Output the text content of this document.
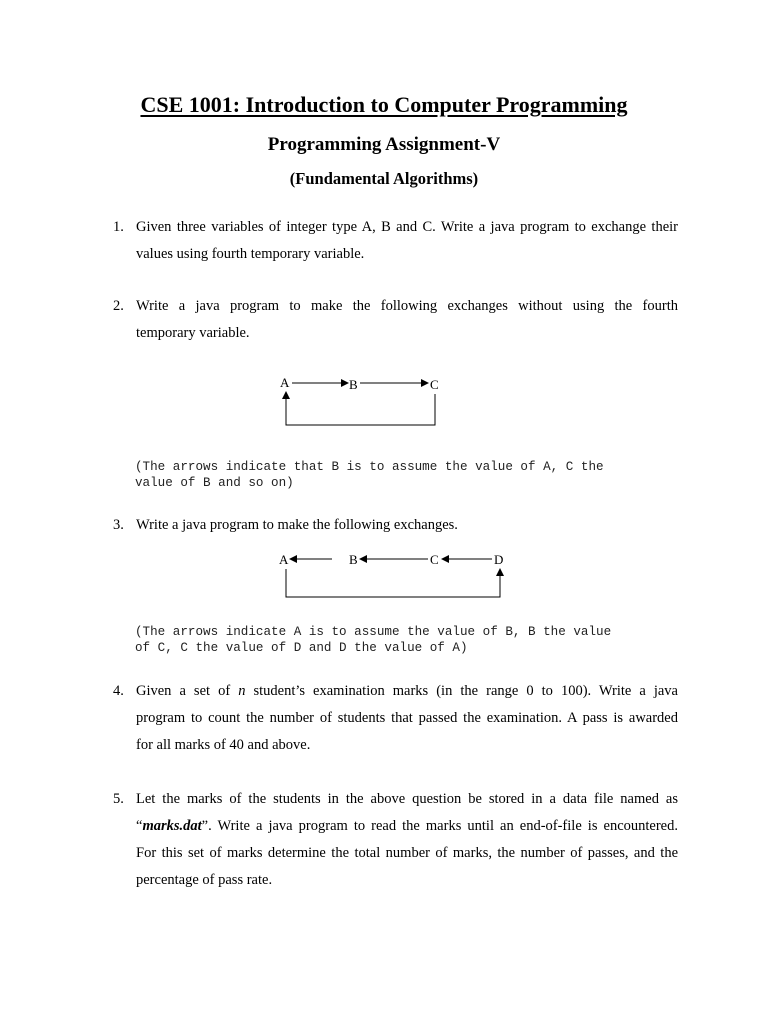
CSE 1001: Introduction to Computer Programming
Programming Assignment-V
(Fundamental Algorithms)
1. Given three variables of integer type A, B and C. Write a java program to exchange their
values using fourth temporary variable.
2. Write a java program to make the following exchanges without using the fourth
temporary variable.
A	B	C
(The arrows indicate that B is to assume the value of A, C the
value of B and so on)
3. Write a java program to make the following exchanges.
A	B	C	D
(The arrows indicate A is to assume the value of B, B the value
of C, C the value of D and D the value of A)
4. Given a set of n student’s examination marks (in the range 0 to 100). Write a java
program to count the number of students that passed the examination. A pass is awarded
for all marks of 40 and above.
5. Let the marks of the students in the above question be stored in a data file named as
“marks.dat”. Write a java program to read the marks until an end-of-file is encountered.
For this set of marks determine the total number of marks, the number of passes, and the
percentage of pass rate.
